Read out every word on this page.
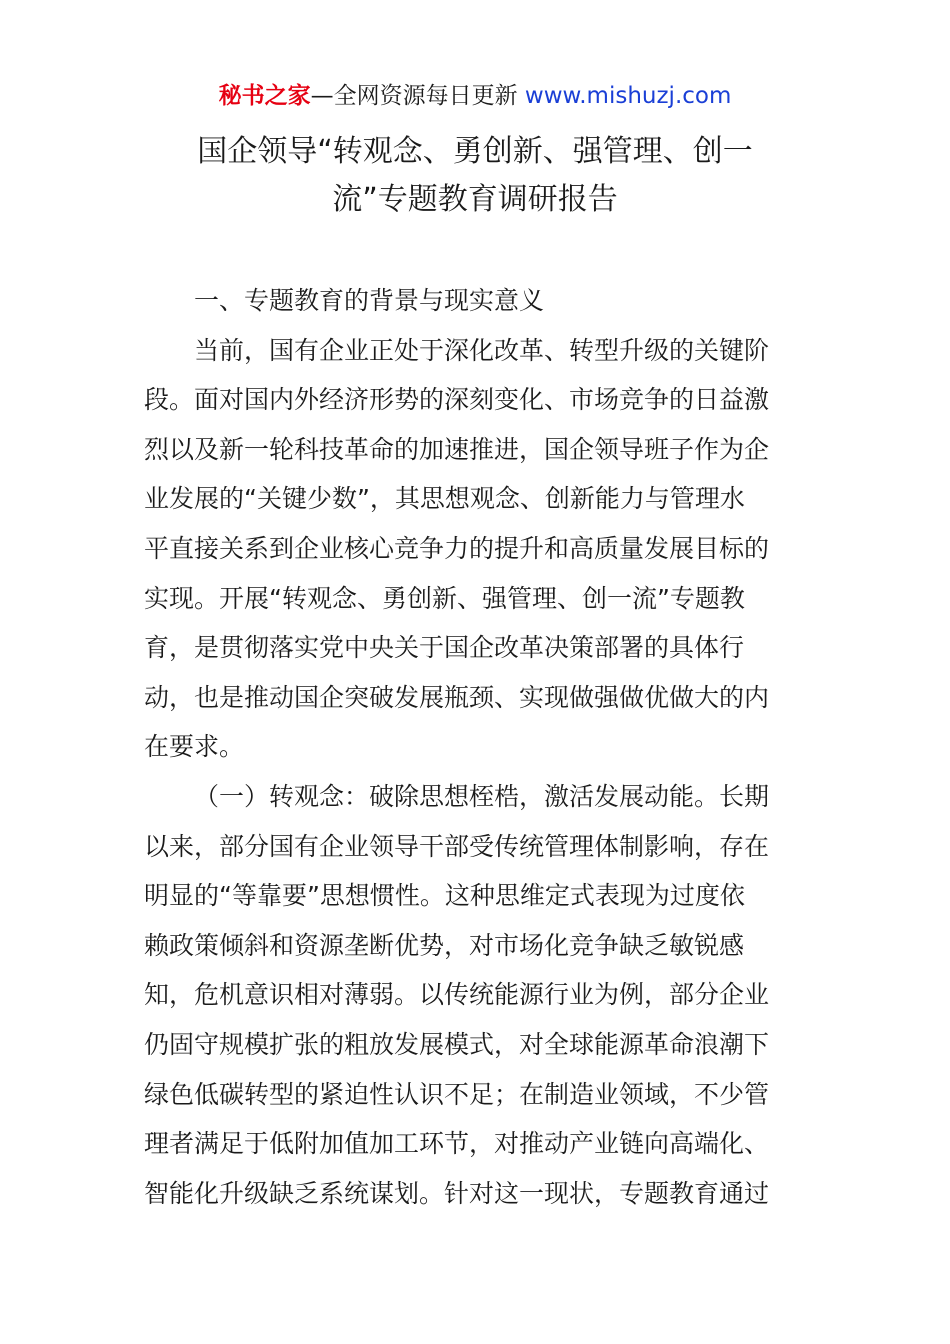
秘书之家—全网资源每日更新 www.mishuzj.com
国企领导“转观念、勇创新、强管理、创一
流”专题教育调研报告
一、专题教育的背景与现实意义
当前，国有企业正处于深化改革、转型升级的关键阶
段。面对国内外经济形势的深刻变化、市场竞争的日益激
烈以及新一轮科技革命的加速推进，国企领导班子作为企
业发展的“关键少数”，其思想观念、创新能力与管理水
平直接关系到企业核心竞争力的提升和高质量发展目标的
实现。开展“转观念、勇创新、强管理、创一流”专题教
育，是贯彻落实党中央关于国企改革决策部署的具体行
动，也是推动国企突破发展瓶颈、实现做强做优做大的内
在要求。
（一）转观念：破除思想桎梏，激活发展动能。长期
以来，部分国有企业领导干部受传统管理体制影响，存在
明显的“等靠要”思想惯性。这种思维定式表现为过度依
赖政策倾斜和资源垄断优势，对市场化竞争缺乏敏锐感
知，危机意识相对薄弱。以传统能源行业为例，部分企业
仍固守规模扩张的粗放发展模式，对全球能源革命浪潮下
绿色低碳转型的紧迫性认识不足；在制造业领域，不少管
理者满足于低附加值加工环节，对推动产业链向高端化、
智能化升级缺乏系统谋划。针对这一现状，专题教育通过
